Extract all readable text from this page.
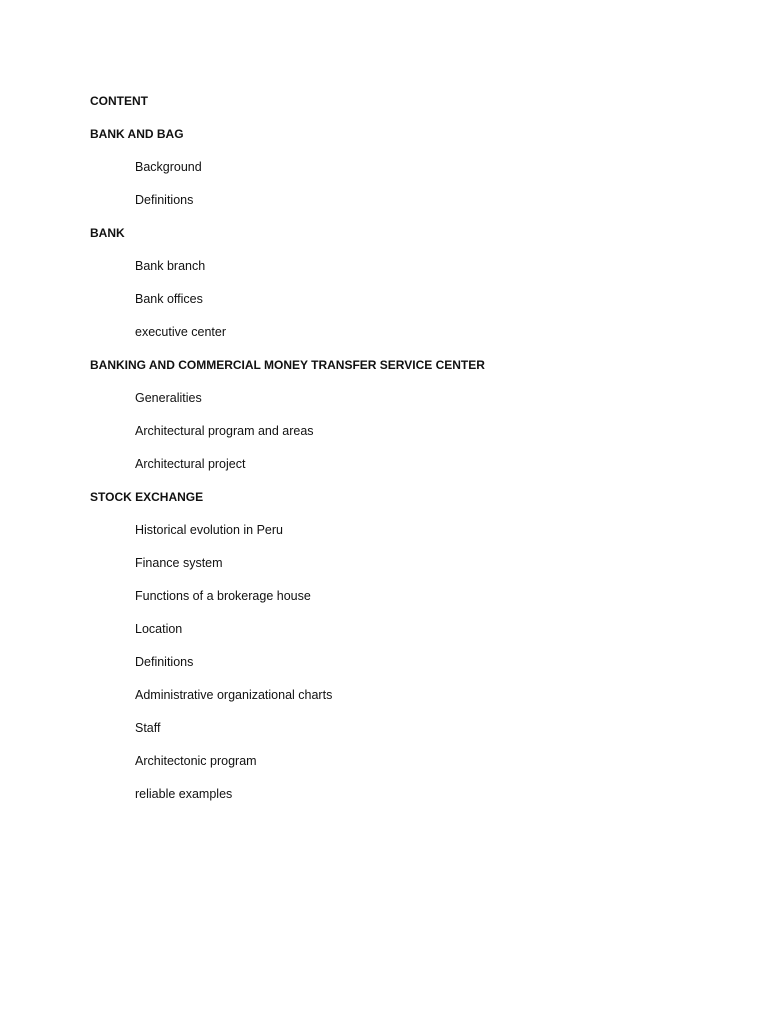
CONTENT
BANK AND BAG
Background
Definitions
BANK
Bank branch
Bank offices
executive center
BANKING AND COMMERCIAL MONEY TRANSFER SERVICE CENTER
Generalities
Architectural program and areas
Architectural project
STOCK EXCHANGE
Historical evolution in Peru
Finance system
Functions of a brokerage house
Location
Definitions
Administrative organizational charts
Staff
Architectonic program
reliable examples
